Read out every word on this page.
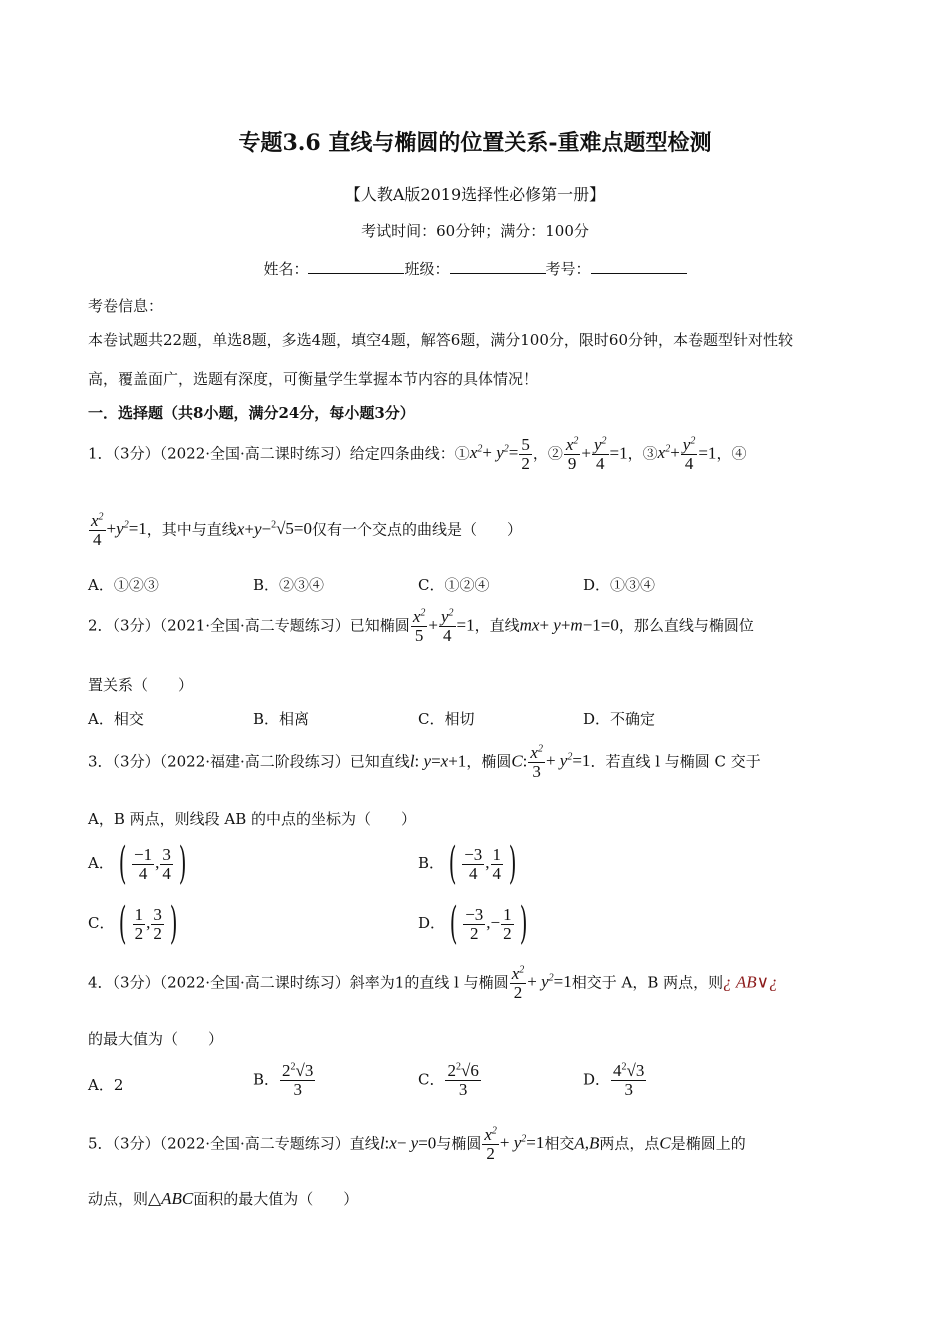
专题3.6 直线与椭圆的位置关系-重难点题型检测
【人教A版2019选择性必修第一册】
考试时间：60分钟；满分：100分
姓名：	班级：	考号：
考卷信息：
本卷试题共22题，单选8题，多选4题，填空4题，解答6题，满分100分，限时60分钟，本卷题型针对性较
高，覆盖面广，选题有深度，可衡量学生掌握本节内容的具体情况！
一．选择题（共8小题，满分24分，每小题3分）
1．（3分）（2022·全国·高二课时练习）给定四条曲线：$①x^2+ y^2= \frac{5}{2}$ ，② $\frac{x^2}{9} + \frac{y^2}{4} =1$，$③x^2+ \frac{y^2}{4} =1$，④
$\frac{x^2}{4} +y^2=1$，其中与直线x+y−$^2$√5=0仅有一个交点的曲线是（　　）
A．①②③	B．②③④	C．①②④	D．①③④
2．（3分）（2021·全国·高二专题练习）已知椭圆 $\frac{x^2}{5} + \frac{y^2}{4} =1$，直线mx+ y+m−1=0，那么直线与椭圆位
置关系（　　）
A．相交	B．相离	C．相切	D．不确定
3．（3分）（2022·福建·高二阶段练习）已知直线l: y=x+1，椭圆C: $\frac{x^2}{3} + y^2=1$．若直线 l 与椭圆 C 交于
A，B 两点，则线段 AB 的中点的坐标为（　　）
A． ( $\frac{-1}{4}$ , $\frac{3}{4}$ )	B． ( $\frac{-3}{4}$ , $\frac{1}{4}$ )
C． ( $\frac{1}{2}$ , $\frac{3}{2}$ )	D． ( $\frac{-3}{2}$ ,− $\frac{1}{2}$ )
4．（3分）（2022·全国·高二课时练习）斜率为1的直线 l 与椭圆 $\frac{x^2}{2} + y^2=1$相交于 A，B 两点，则¿ AB∨¿
的最大值为（　　）
A．2	B． $\frac{2^2√3}{3}$	C． $\frac{2^2√6}{3}$	D． $\frac{4^2√3}{3}$
5．（3分）（2022·全国·高二专题练习）直线l:x− y=0与椭圆 $\frac{x^2}{2} + y^2=1$相交A,B两点，点C是椭圆上的
动点，则△ABC面积的最大值为（　　）
